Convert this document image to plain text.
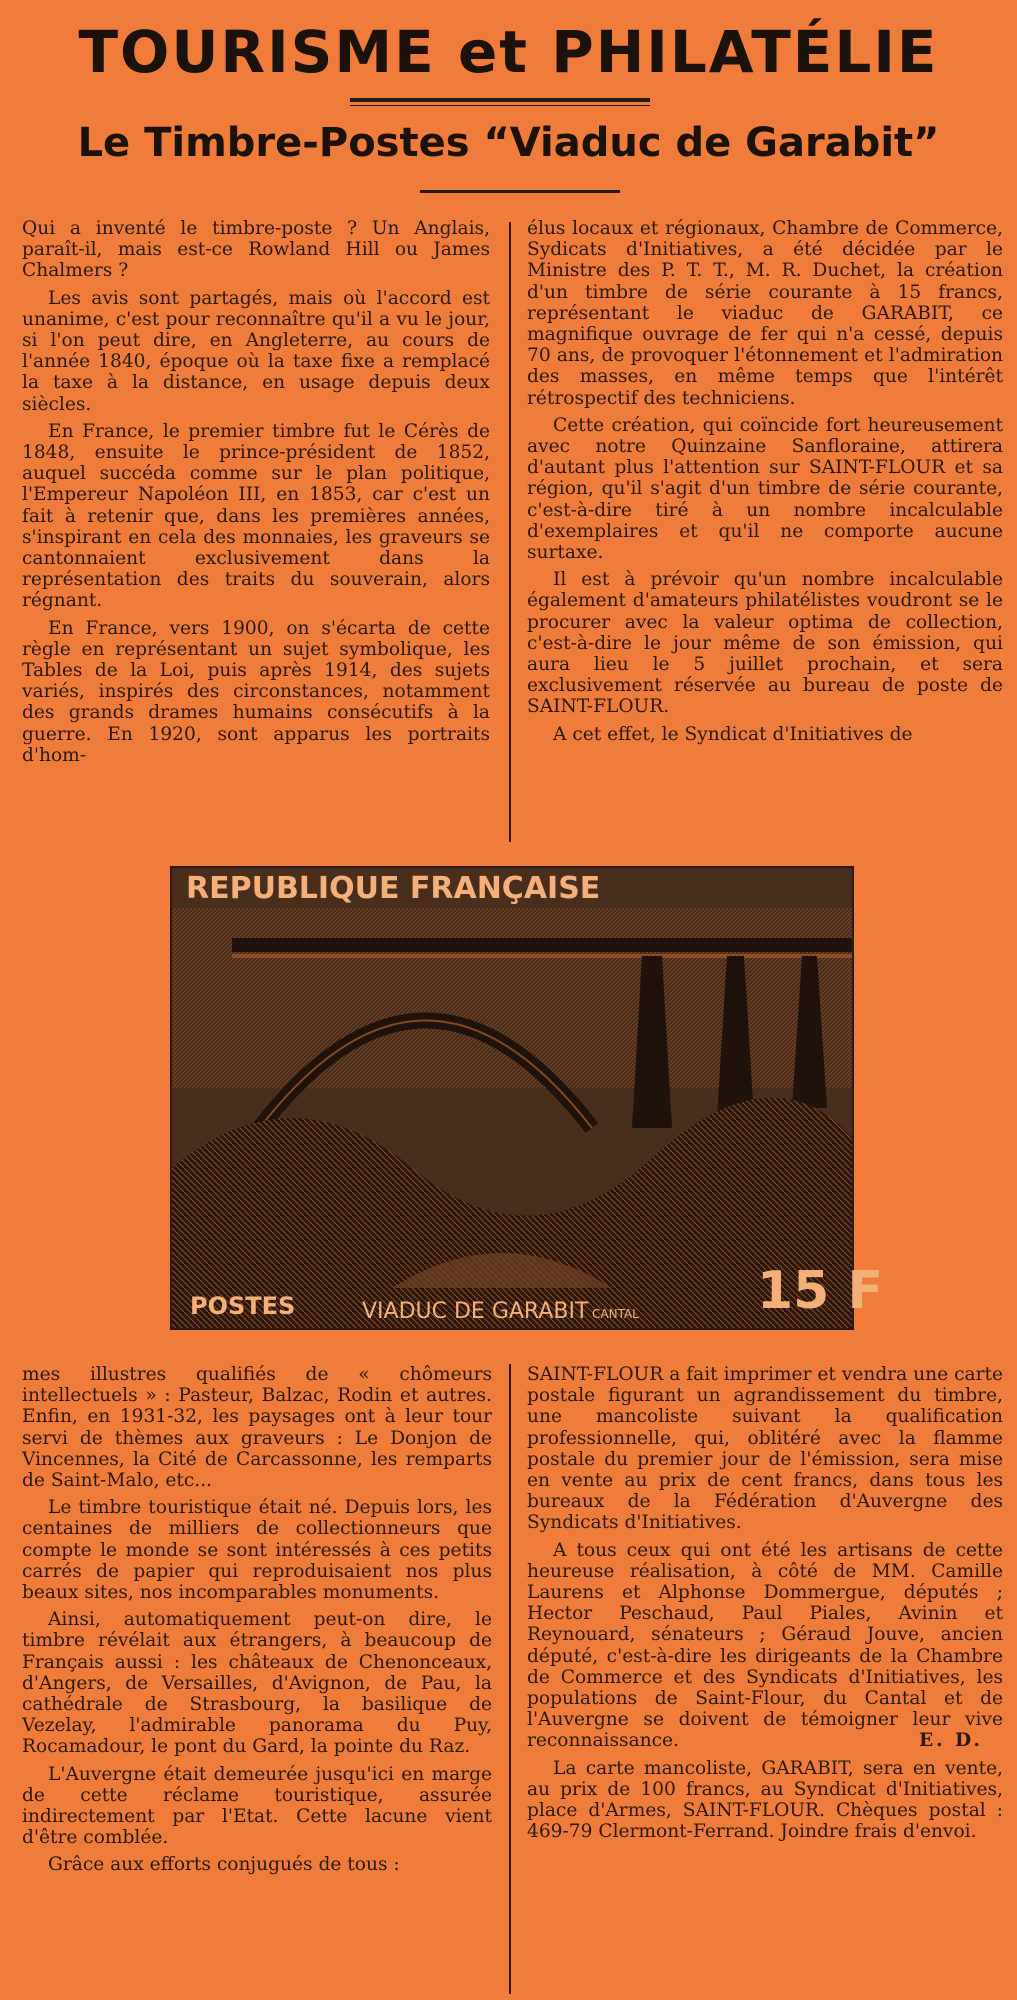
TOURISME et PHILATÉLIE
Le Timbre-Postes “Viaduc de Garabit”

Qui a inventé le timbre-poste ? Un Anglais, paraît-il, mais est-ce Rowland Hill ou James Chalmers ?

Les avis sont partagés, mais où l'accord est unanime, c'est pour reconnaître qu'il a vu le jour, si l'on peut dire, en Angleterre, au cours de l'année 1840, époque où la taxe fixe a remplacé la taxe à la distance, en usage depuis deux siècles.

En France, le premier timbre fut le Cérès de 1848, ensuite le prince-président de 1852, auquel succéda comme sur le plan politique, l'Empereur Napoléon III, en 1853, car c'est un fait à retenir que, dans les premières années, s'inspirant en cela des monnaies, les graveurs se cantonnaient exclusivement dans la représentation des traits du souverain, alors régnant.

En France, vers 1900, on s'écarta de cette règle en représentant un sujet symbolique, les Tables de la Loi, puis après 1914, des sujets variés, inspirés des circonstances, notamment des grands drames humains consécutifs à la guerre. En 1920, sont apparus les portraits d'hom-

élus locaux et régionaux, Chambre de Commerce, Sydicats d'Initiatives, a été décidée par le Ministre des P. T. T., M. R. Duchet, la création d'un timbre de série courante à 15 francs, représentant le viaduc de GARABIT, ce magnifique ouvrage de fer qui n'a cessé, depuis 70 ans, de provoquer l'étonnement et l'admiration des masses, en même temps que l'intérêt rétrospectif des techniciens.

Cette création, qui coïncide fort heureusement avec notre Quinzaine Sanfloraine, attirera d'autant plus l'attention sur SAINT-FLOUR et sa région, qu'il s'agit d'un timbre de série courante, c'est-à-dire tiré à un nombre incalculable d'exemplaires et qu'il ne comporte aucune surtaxe.

Il est à prévoir qu'un nombre incalculable également d'amateurs philatélistes voudront se le procurer avec la valeur optima de collection, c'est-à-dire le jour même de son émission, qui aura lieu le 5 juillet prochain, et sera exclusivement réservée au bureau de poste de SAINT-FLOUR.

A cet effet, le Syndicat d'Initiatives de

REPUBLIQUE FRANÇAISE
POSTES	VIADUC DE GARABIT CANTAL 15 F

mes illustres qualifiés de « chômeurs intellectuels » : Pasteur, Balzac, Rodin et autres. Enfin, en 1931-32, les paysages ont à leur tour servi de thèmes aux graveurs : Le Donjon de Vincennes, la Cité de Carcassonne, les remparts de Saint-Malo, etc...

Le timbre touristique était né. Depuis lors, les centaines de milliers de collectionneurs que compte le monde se sont intéressés à ces petits carrés de papier qui reproduisaient nos plus beaux sites, nos incomparables monuments.

Ainsi, automatiquement peut-on dire, le timbre révélait aux étrangers, à beaucoup de Français aussi : les châteaux de Chenonceaux, d'Angers, de Versailles, d'Avignon, de Pau, la cathédrale de Strasbourg, la basilique de Vezelay, l'admirable panorama du Puy, Rocamadour, le pont du Gard, la pointe du Raz.

L'Auvergne était demeurée jusqu'ici en marge de cette réclame touristique, assurée indirectement par l'Etat. Cette lacune vient d'être comblée.

Grâce aux efforts conjugués de tous :

SAINT-FLOUR a fait imprimer et vendra une carte postale figurant un agrandissement du timbre, une mancoliste suivant la qualification professionnelle, qui, oblitéré avec la flamme postale du premier jour de l'émission, sera mise en vente au prix de cent francs, dans tous les bureaux de la Fédération d'Auvergne des Syndicats d'Initiatives.

A tous ceux qui ont été les artisans de cette heureuse réalisation, à côté de MM. Camille Laurens et Alphonse Dommergue, députés ; Hector Peschaud, Paul Piales, Avinin et Reynouard, sénateurs ; Géraud Jouve, ancien député, c'est-à-dire les dirigeants de la Chambre de Commerce et des Syndicats d'Initiatives, les populations de Saint-Flour, du Cantal et de l'Auvergne se doivent de témoigner leur vive reconnaissance.	E. D.

La carte mancoliste, GARABIT, sera en vente, au prix de 100 francs, au Syndicat d'Initiatives, place d'Armes, SAINT-FLOUR. Chèques postal : 469-79 Clermont-Ferrand. Joindre frais d'envoi.
